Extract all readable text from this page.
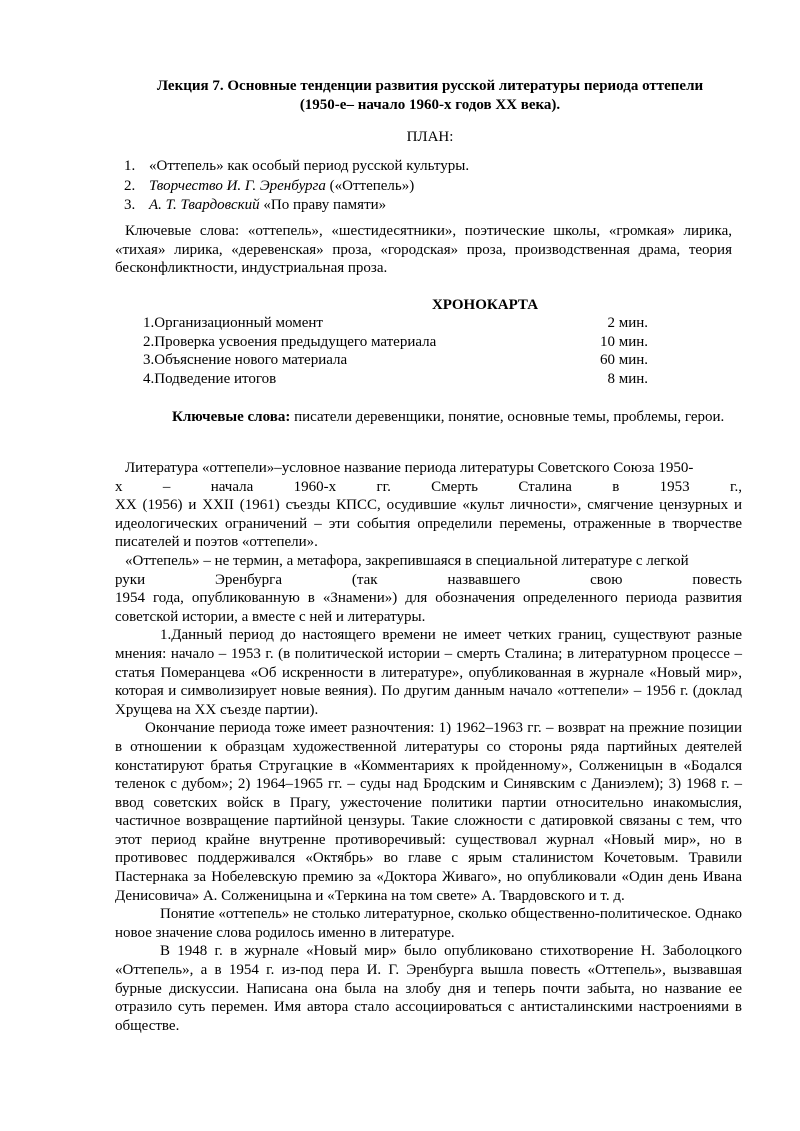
Лекция 7. Основные тенденции развития русской литературы периода оттепели
(1950-е– начало 1960-х годов XX века).
ПЛАН:
1. «Оттепель» как особый период русской культуры.
2. Творчество И. Г. Эренбурга («Оттепель»)
3. А. Т. Твардовский «По праву памяти»

Ключевые слова: «оттепель», «шестидесятники», поэтические школы, «громкая» лирика, «тихая» лирика, «деревенская» проза, «городская» проза, производственная драма, теория бесконфликтности, индустриальная проза.

ХРОНОКАРТА
1.Организационный момент	2 мин.
2.Проверка усвоения предыдущего материала	10 мин.
3.Объяснение нового материала	60 мин.
4.Подведение итогов	8 мин.

Ключевые слова: писатели деревенщики, понятие, основные темы, проблемы, герои.

Литература «оттепели»–условное название периода литературы Советского Союза 1950-

х – начала 1960-х гг. Смерть Сталина в 1953 г.,

XX (1956) и XXII (1961) съезды КПСС, осудившие «культ личности», смягчение цензурных и идеологических ограничений – эти события определили перемены, отраженные в творчестве писателей и поэтов «оттепели».

«Оттепель» – не термин, а метафора, закрепившаяся в специальной литературе с легкой

руки Эренбурга (так назвавшего свою повесть

1954 года, опубликованную в «Знамени») для обозначения определенного периода развития советской истории, а вместе с ней и литературы.

1.Данный период до настоящего времени не имеет четких границ, существуют разные мнения: начало – 1953 г. (в политической истории – смерть Сталина; в литературном процессе – статья Померанцева «Об искренности в литературе», опубликованная в журнале «Новый мир», которая и символизирует новые веяния). По другим данным начало «оттепели» – 1956 г. (доклад Хрущева на XX съезде партии).

Окончание периода тоже имеет разночтения: 1) 1962–1963 гг. – возврат на прежние позиции в отношении к образцам художественной литературы со стороны ряда партийных деятелей констатируют братья Стругацкие в «Комментариях к пройденному», Солженицын в «Бодался теленок с дубом»; 2) 1964–1965 гг. – суды над Бродским и Синявским с Даниэлем); 3) 1968 г. – ввод советских войск в Прагу, ужесточение политики партии относительно инакомыслия, частичное возвращение партийной цензуры. Такие сложности с датировкой связаны с тем, что этот период крайне внутренне противоречивый: существовал журнал «Новый мир», но в противовес поддерживался «Октябрь» во главе с ярым сталинистом Кочетовым. Травили Пастернака за Нобелевскую премию за «Доктора Живаго», но опубликовали «Один день Ивана Денисовича» А. Солженицына и «Теркина на том свете» А. Твардовского и т. д.

Понятие «оттепель» не столько литературное, сколько общественно-политическое. Однако новое значение слова родилось именно в литературе.

В 1948 г. в журнале «Новый мир» было опубликовано стихотворение Н. Заболоцкого «Оттепель», а в 1954 г. из-под пера И. Г. Эренбурга вышла повесть «Оттепель», вызвавшая бурные дискуссии. Написана она была на злобу дня и теперь почти забыта, но название ее отразило суть перемен. Имя автора стало ассоциироваться с антисталинскими настроениями в обществе.
